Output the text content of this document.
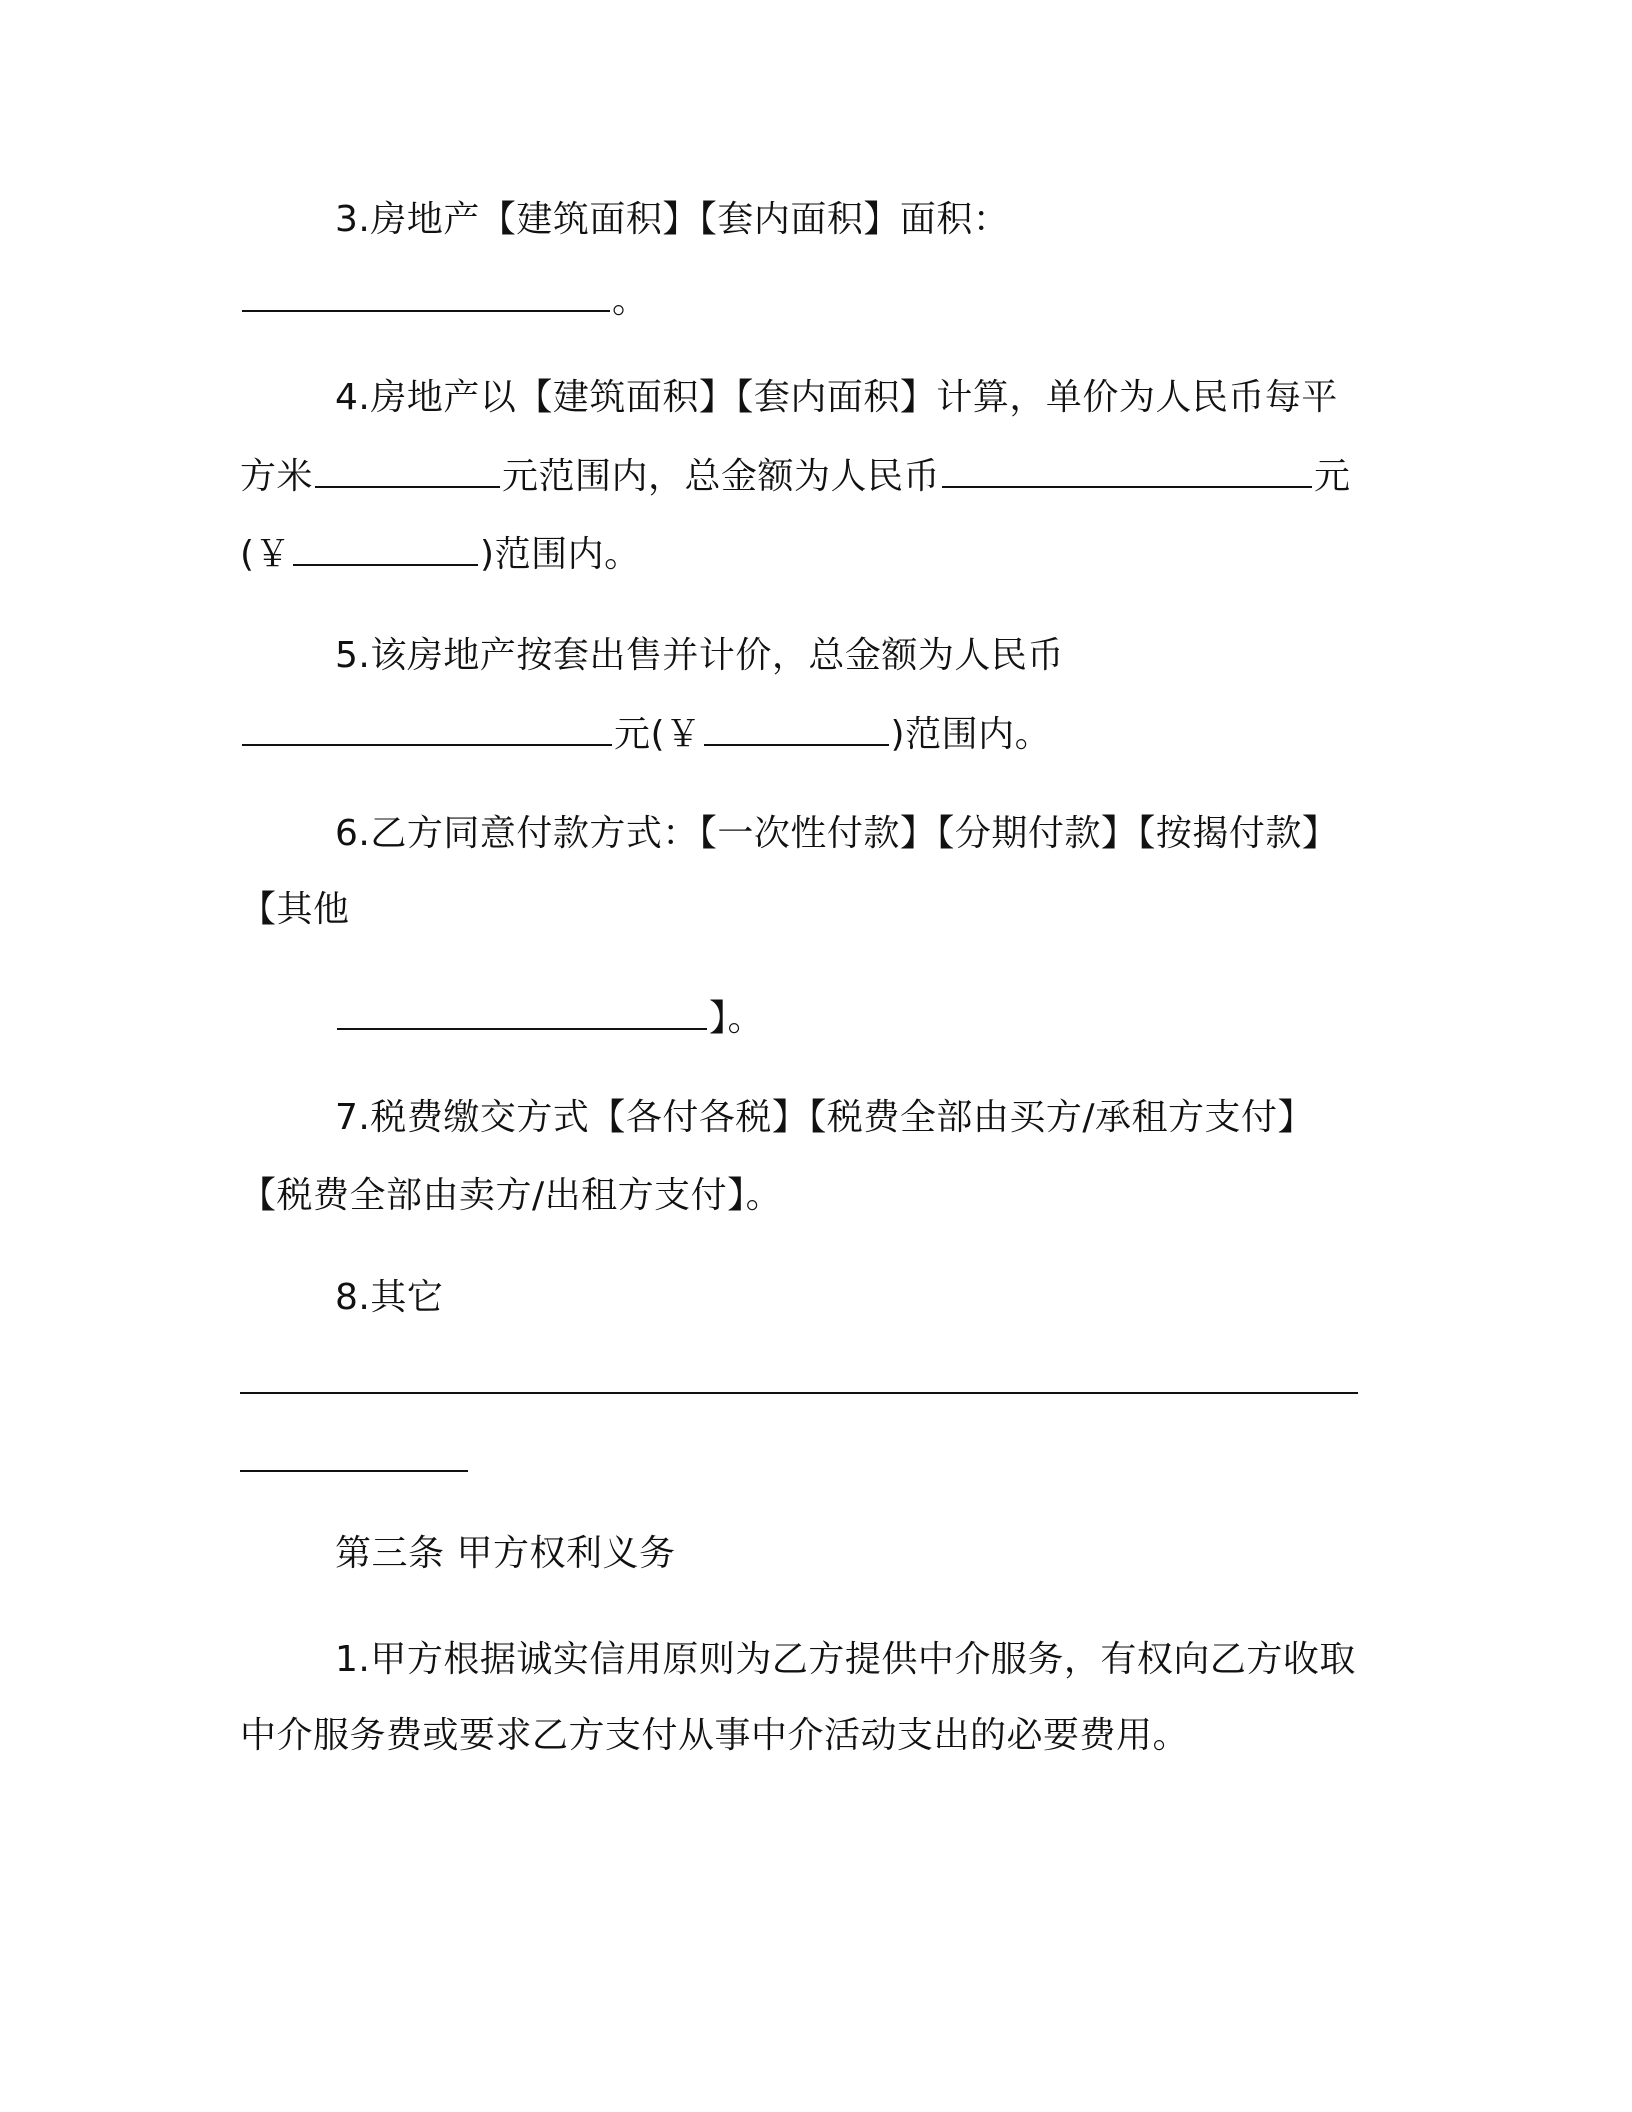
3.房地产【建筑面积】【套内面积】面积：
。
4.房地产以【建筑面积】【套内面积】计算，单价为人民币每平
方米	元范围内，总金额为人民币	元
(￥	)范围内。
5.该房地产按套出售并计价，总金额为人民币
元(￥	)范围内。
6.乙方同意付款方式：【一次性付款】【分期付款】【按揭付款】
【其他
】。
7.税费缴交方式【各付各税】【税费全部由买方/承租方支付】
【税费全部由卖方/出租方支付】。
8.其它
第三条 甲方权利义务
1.甲方根据诚实信用原则为乙方提供中介服务，有权向乙方收取
中介服务费或要求乙方支付从事中介活动支出的必要费用。
